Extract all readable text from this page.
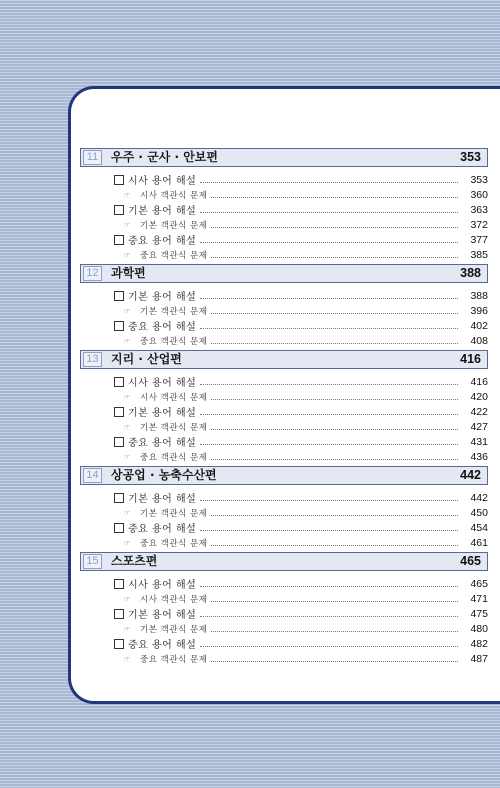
11	우주 · 군사 · 안보편	353
시사 용어 해설	353
☞	시사 객관식 문제	360
기본 용어 해설	363
☞	기본 객관식 문제	372
중요 용어 해설	377
☞	중요 객관식 문제	385
12 과학편	388
기본 용어 해설	388
☞	기본 객관식 문제	396
중요 용어 해설	402
☞	중요 객관식 문제	408
13 지리 · 산업편	416
시사 용어 해설	416
☞	시사 객관식 문제	420
기본 용어 해설	422
☞	기본 객관식 문제	427
중요 용어 해설	431
☞	중요 객관식 문제	436
14 상공업 · 농축수산편	442
기본 용어 해설	442
☞	기본 객관식 문제	450
중요 용어 해설	454
☞	중요 객관식 문제	461
15 스포츠편	465
시사 용어 해설	465
☞	시사 객관식 문제	471
기본 용어 해설	475
☞	기본 객관식 문제	480
중요 용어 해설	482
☞	중요 객관식 문제	487
